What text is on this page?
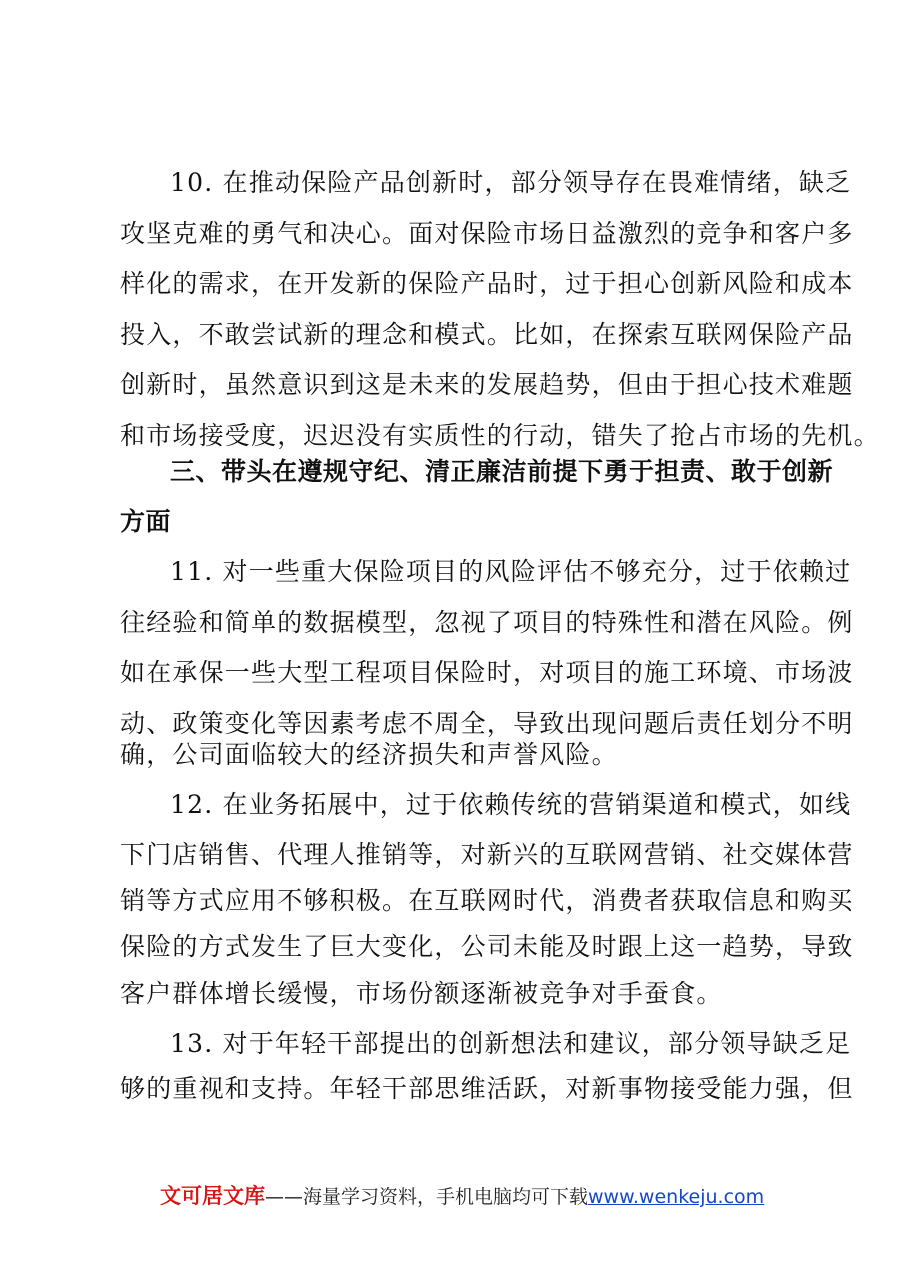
10. 在推动保险产品创新时，部分领导存在畏难情绪，缺乏
攻坚克难的勇气和决心。面对保险市场日益激烈的竞争和客户多
样化的需求，在开发新的保险产品时，过于担心创新风险和成本
投入，不敢尝试新的理念和模式。比如，在探索互联网保险产品
创新时，虽然意识到这是未来的发展趋势，但由于担心技术难题
和市场接受度，迟迟没有实质性的行动，错失了抢占市场的先机。
三、带头在遵规守纪、清正廉洁前提下勇于担责、敢于创新
方面
11. 对一些重大保险项目的风险评估不够充分，过于依赖过
往经验和简单的数据模型，忽视了项目的特殊性和潜在风险。例
如在承保一些大型工程项目保险时，对项目的施工环境、市场波
动、政策变化等因素考虑不周全，导致出现问题后责任划分不明
确，公司面临较大的经济损失和声誉风险。
12. 在业务拓展中，过于依赖传统的营销渠道和模式，如线
下门店销售、代理人推销等，对新兴的互联网营销、社交媒体营
销等方式应用不够积极。在互联网时代，消费者获取信息和购买
保险的方式发生了巨大变化，公司未能及时跟上这一趋势，导致
客户群体增长缓慢，市场份额逐渐被竞争对手蚕食。
13. 对于年轻干部提出的创新想法和建议，部分领导缺乏足
够的重视和支持。年轻干部思维活跃，对新事物接受能力强，但
文可居文库——海量学习资料，手机电脑均可下载www.wenkeju.com
